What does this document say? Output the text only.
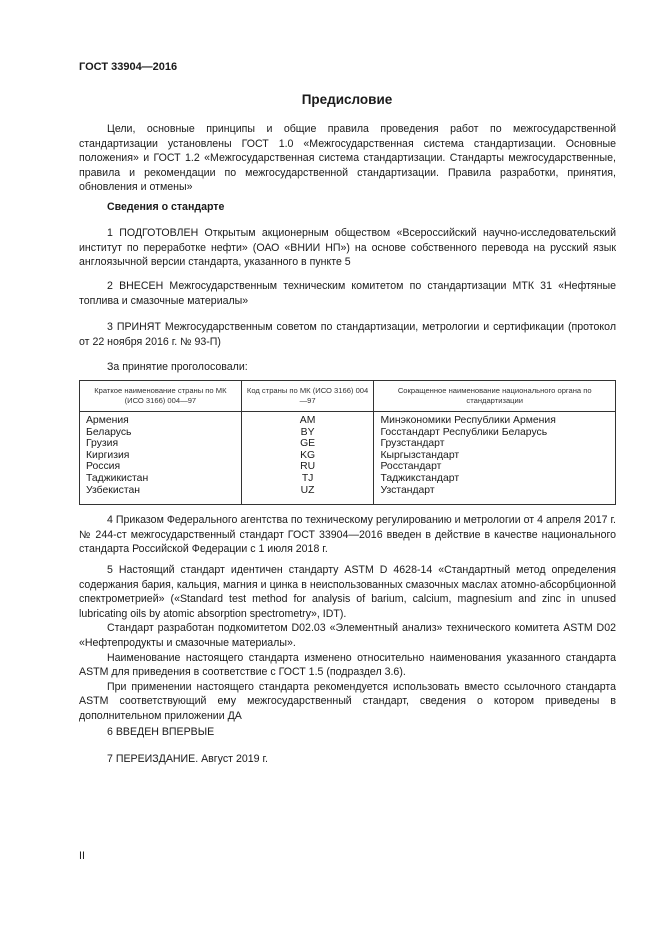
ГОСТ 33904—2016
Предисловие

Цели, основные принципы и общие правила проведения работ по межгосударственной стандартизации установлены ГОСТ 1.0 «Межгосударственная система стандартизации. Основные положения» и ГОСТ 1.2 «Межгосударственная система стандартизации. Стандарты межгосударственные, правила и рекомендации по межгосударственной стандартизации. Правила разработки, принятия, обновления и отмены»

Сведения о стандарте

1 ПОДГОТОВЛЕН Открытым акционерным обществом «Всероссийский научно-исследовательский институт по переработке нефти» (ОАО «ВНИИ НП») на основе собственного перевода на русский язык англоязычной версии стандарта, указанного в пункте 5

2 ВНЕСЕН Межгосударственным техническим комитетом по стандартизации МТК 31 «Нефтяные топлива и смазочные материалы»

3 ПРИНЯТ Межгосударственным советом по стандартизации, метрологии и сертификации (протокол от 22 ноября 2016 г. № 93-П)

За принятие проголосовали:

Краткое наименование страны по МК (ИСО 3166) 004—97	Код страны по МК (ИСО 3166) 004—97	Сокращенное наименование национального органа по стандартизации
Армения	AM	Минэкономики Республики Армения
Беларусь	BY	Госстандарт Республики Беларусь
Грузия	GE	Грузстандарт
Киргизия	KG	Кыргызстандарт
Россия	RU	Росстандарт
Таджикистан	TJ	Таджикстандарт
Узбекистан	UZ	Узстандарт

4 Приказом Федерального агентства по техническому регулированию и метрологии от 4 апреля 2017 г. № 244-ст межгосударственный стандарт ГОСТ 33904—2016 введен в действие в качестве национального стандарта Российской Федерации с 1 июля 2018 г.

5 Настоящий стандарт идентичен стандарту ASTM D 4628-14 «Стандартный метод определения содержания бария, кальция, магния и цинка в неиспользованных смазочных маслах атомно-абсорбционной спектрометрией» («Standard test method for analysis of barium, calcium, magnesium and zinc in unused lubricating oils by atomic absorption spectrometry», IDT).

Стандарт разработан подкомитетом D02.03 «Элементный анализ» технического комитета ASTM D02 «Нефтепродукты и смазочные материалы».

Наименование настоящего стандарта изменено относительно наименования указанного стандарта ASTM для приведения в соответствие с ГОСТ 1.5 (подраздел 3.6).

При применении настоящего стандарта рекомендуется использовать вместо ссылочного стандарта ASTM соответствующий ему межгосударственный стандарт, сведения о котором приведены в дополнительном приложении ДА

6 ВВЕДЕН ВПЕРВЫЕ

7 ПЕРЕИЗДАНИЕ. Август 2019 г.

II
